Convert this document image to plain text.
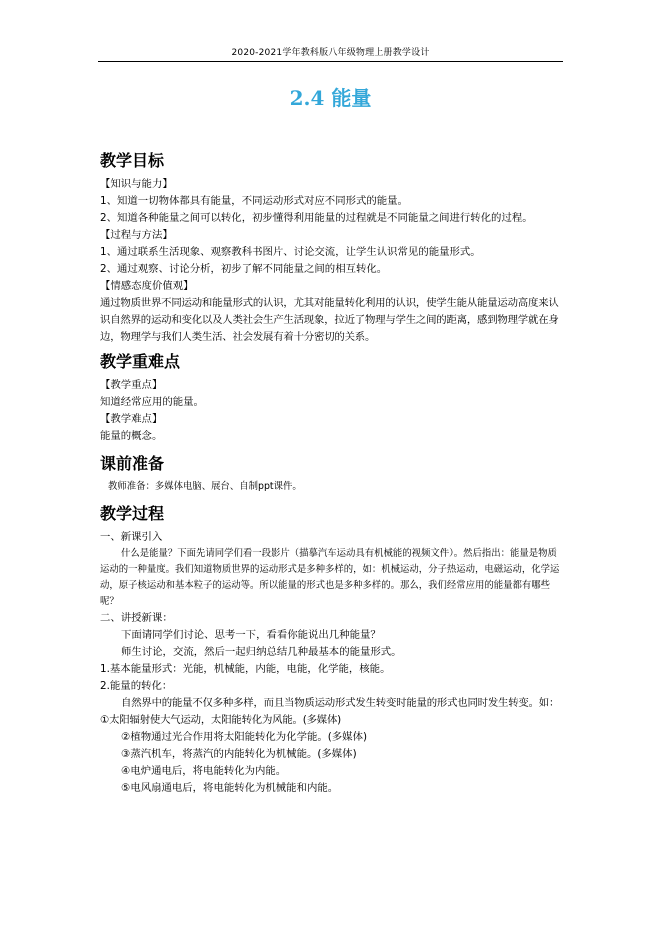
2020-2021学年教科版八年级物理上册教学设计
2.4 能量
教学目标

【知识与能力】

1、知道一切物体都具有能量，不同运动形式对应不同形式的能量。

2、知道各种能量之间可以转化，初步懂得利用能量的过程就是不同能量之间进行转化的过程。

【过程与方法】

1、通过联系生活现象、观察教科书图片、讨论交流，让学生认识常见的能量形式。

2、通过观察、讨论分析，初步了解不同能量之间的相互转化。

【情感态度价值观】

通过物质世界不同运动和能量形式的认识，尤其对能量转化利用的认识，使学生能从能量运动高度来认识自然界的运动和变化以及人类社会生产生活现象，拉近了物理与学生之间的距离，感到物理学就在身边，物理学与我们人类生活、社会发展有着十分密切的关系。

教学重难点

【教学重点】

知道经常应用的能量。

【教学难点】

能量的概念。

课前准备

教师准备：多媒体电脑、展台、自制ppt课件。

教学过程

一、新课引入

什么是能量？下面先请同学们看一段影片（描摹汽车运动具有机械能的视频文件）。然后指出：能量是物质运动的一种量度。我们知道物质世界的运动形式是多种多样的，如：机械运动，分子热运动，电磁运动，化学运动，原子核运动和基本粒子的运动等。所以能量的形式也是多种多样的。那么，我们经常应用的能量都有哪些呢？

二、讲授新课：

下面请同学们讨论、思考一下，看看你能说出几种能量？

师生讨论，交流，然后一起归纳总结几种最基本的能量形式。

1.基本能量形式：光能，机械能，内能，电能，化学能，核能。

2.能量的转化：

自然界中的能量不仅多种多样，而且当物质运动形式发生转变时能量的形式也同时发生转变。如：①太阳辐射使大气运动，太阳能转化为风能。(多媒体)

②植物通过光合作用将太阳能转化为化学能。(多媒体)

③蒸汽机车，将蒸汽的内能转化为机械能。(多媒体)

④电炉通电后，将电能转化为内能。

⑤电风扇通电后，将电能转化为机械能和内能。
